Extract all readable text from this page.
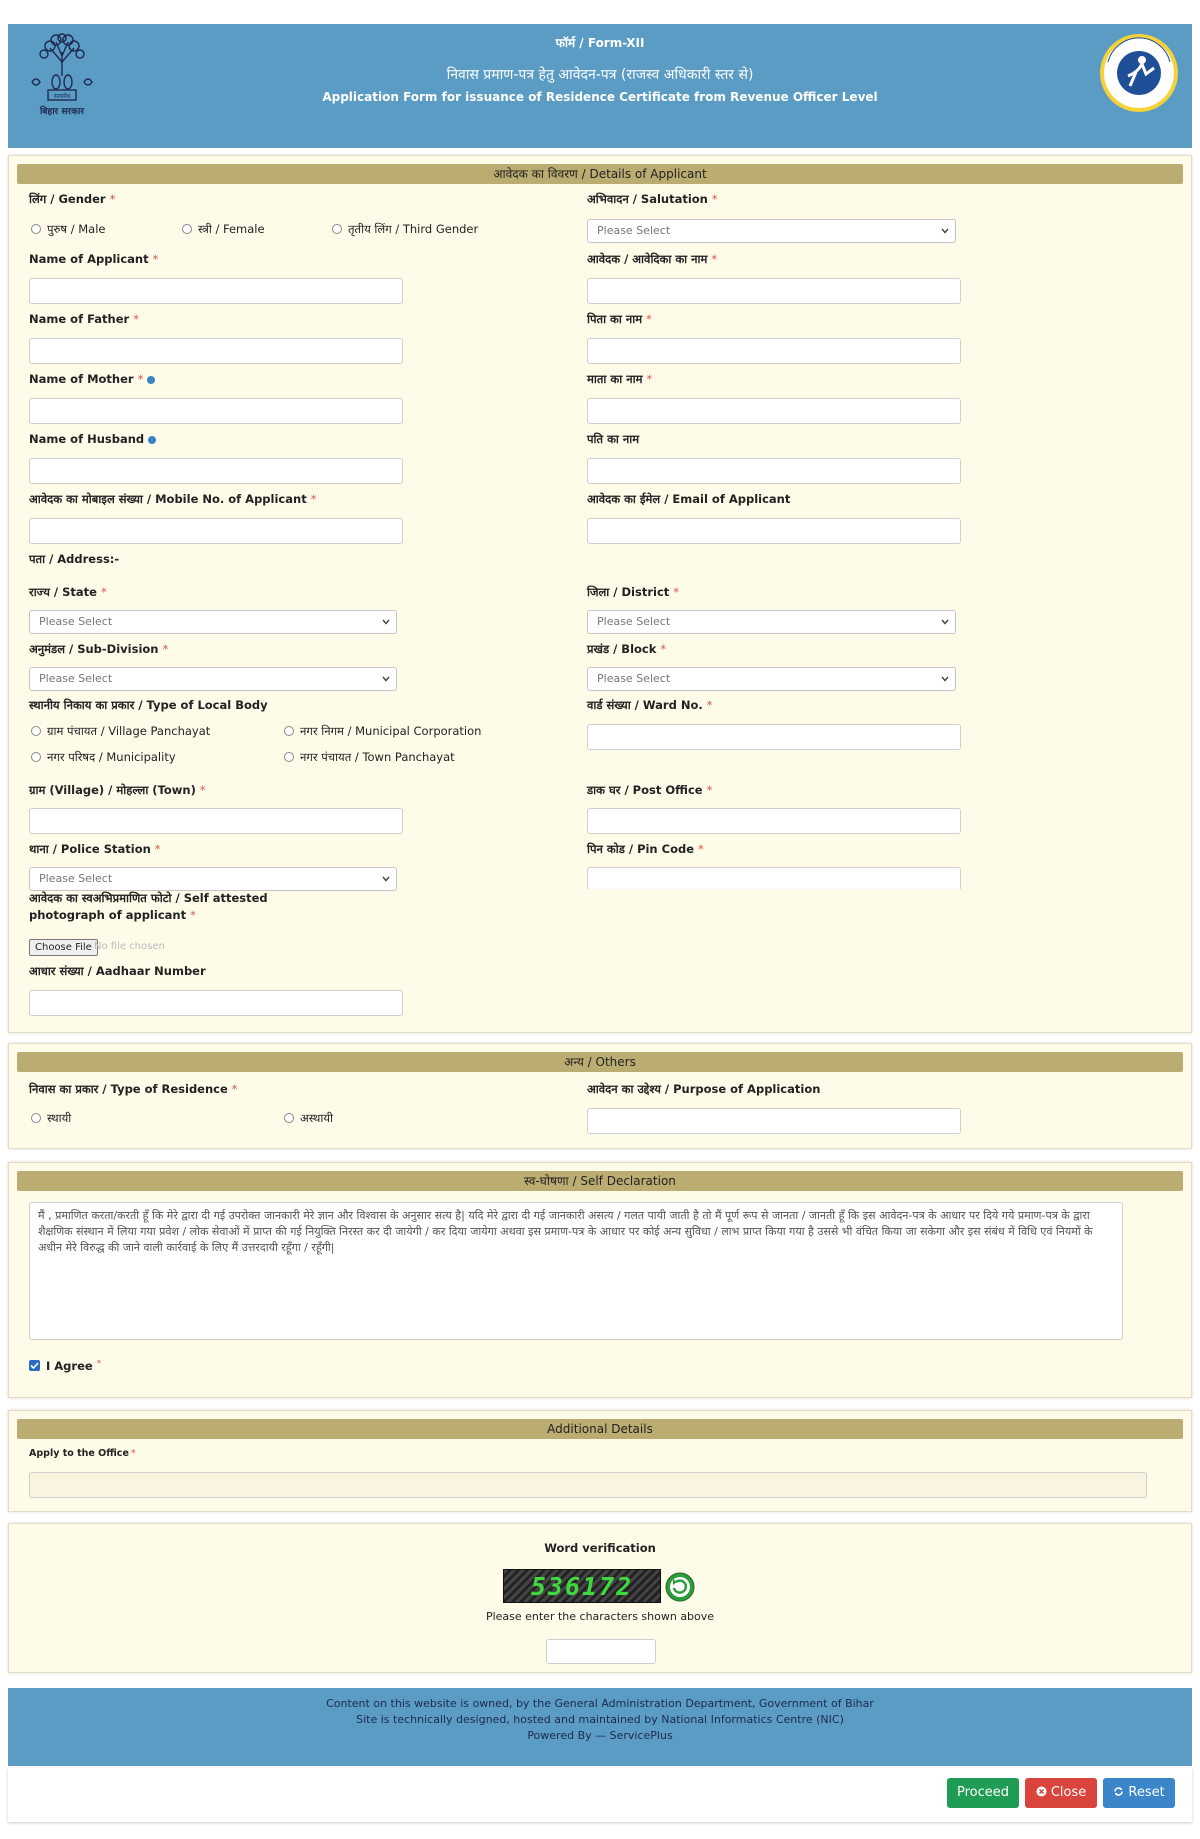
सत्यमेव
बिहार सरकार
फॉर्म / Form-XII
निवास प्रमाण-पत्र हेतु आवेदन-पत्र (राजस्व अधिकारी स्तर से)
Application Form for issuance of Residence Certificate from Revenue Officer Level
आवेदक का विवरण / Details of Applicant
लिंग / Gender *
पुरुष / Male	स्त्री / Female	तृतीय लिंग / Third Gender
अभिवादन / Salutation *
Please Select
Name of Applicant *	आवेदक / आवेदिका का नाम *
Name of Father *	पिता का नाम *
Name of Mother *	माता का नाम *
Name of Husband	पति का नाम
आवेदक का मोबाइल संख्या / Mobile No. of Applicant *	आवेदक का ईमेल / Email of Applicant
पता / Address:-
राज्य / State *
Please Select
जिला / District *
Please Select
अनुमंडल / Sub-Division *
Please Select
प्रखंड / Block *
Please Select
स्थानीय निकाय का प्रकार / Type of Local Body
ग्राम पंचायत / Village Panchayat	नगर निगम / Municipal Corporation
नगर परिषद / Municipality	नगर पंचायत / Town Panchayat
वार्ड संख्या / Ward No. *
ग्राम (Village) / मोहल्ला (Town) *	डाक घर / Post Office *
थाना / Police Station *
Please Select
पिन कोड / Pin Code *
आवेदक का स्वअभिप्रमाणित फोटो / Self attested
photograph of applicant *
Choose File No file chosen
आधार संख्या / Aadhaar Number
अन्य / Others
निवास का प्रकार / Type of Residence *
स्थायी	अस्थायी
आवेदन का उद्देश्य / Purpose of Application
स्व-घोषणा / Self Declaration
मैं , प्रमाणित करता/करती हूँ कि मेरे द्वारा दी गई उपरोक्त जानकारी मेरे ज्ञान और विश्वास के अनुसार सत्य है| यदि मेरे द्वारा दी गई जानकारी असत्य / गलत पायी जाती है तो मैं पूर्ण रूप से जानता / जानती हूँ कि इस आवेदन-पत्र के आधार पर दिये गये प्रमाण-पत्र के द्वारा शैक्षणिक संस्थान में लिया गया प्रवेश / लोक सेवाओं में प्राप्त की गई नियुक्ति निरस्त कर दी जायेगी / कर दिया जायेगा अथवा इस प्रमाण-पत्र के आधार पर कोई अन्य सुविधा / लाभ प्राप्त किया गया है उससे भी वंचित किया जा सकेगा और इस संबंध में विधि एवं नियमों के अधीन मेरे विरुद्ध की जाने वाली कार्रवाई के लिए मैं उत्तरदायी रहूँगा / रहूँगी|
I Agree *
Additional Details
Apply to the Office *
Word verification
536172
Please enter the characters shown above
Content on this website is owned, by the General Administration Department, Government of Bihar
Site is technically designed, hosted and maintained by National Informatics Centre (NIC)
Powered By — ServicePlus
Proceed	Close	Reset
